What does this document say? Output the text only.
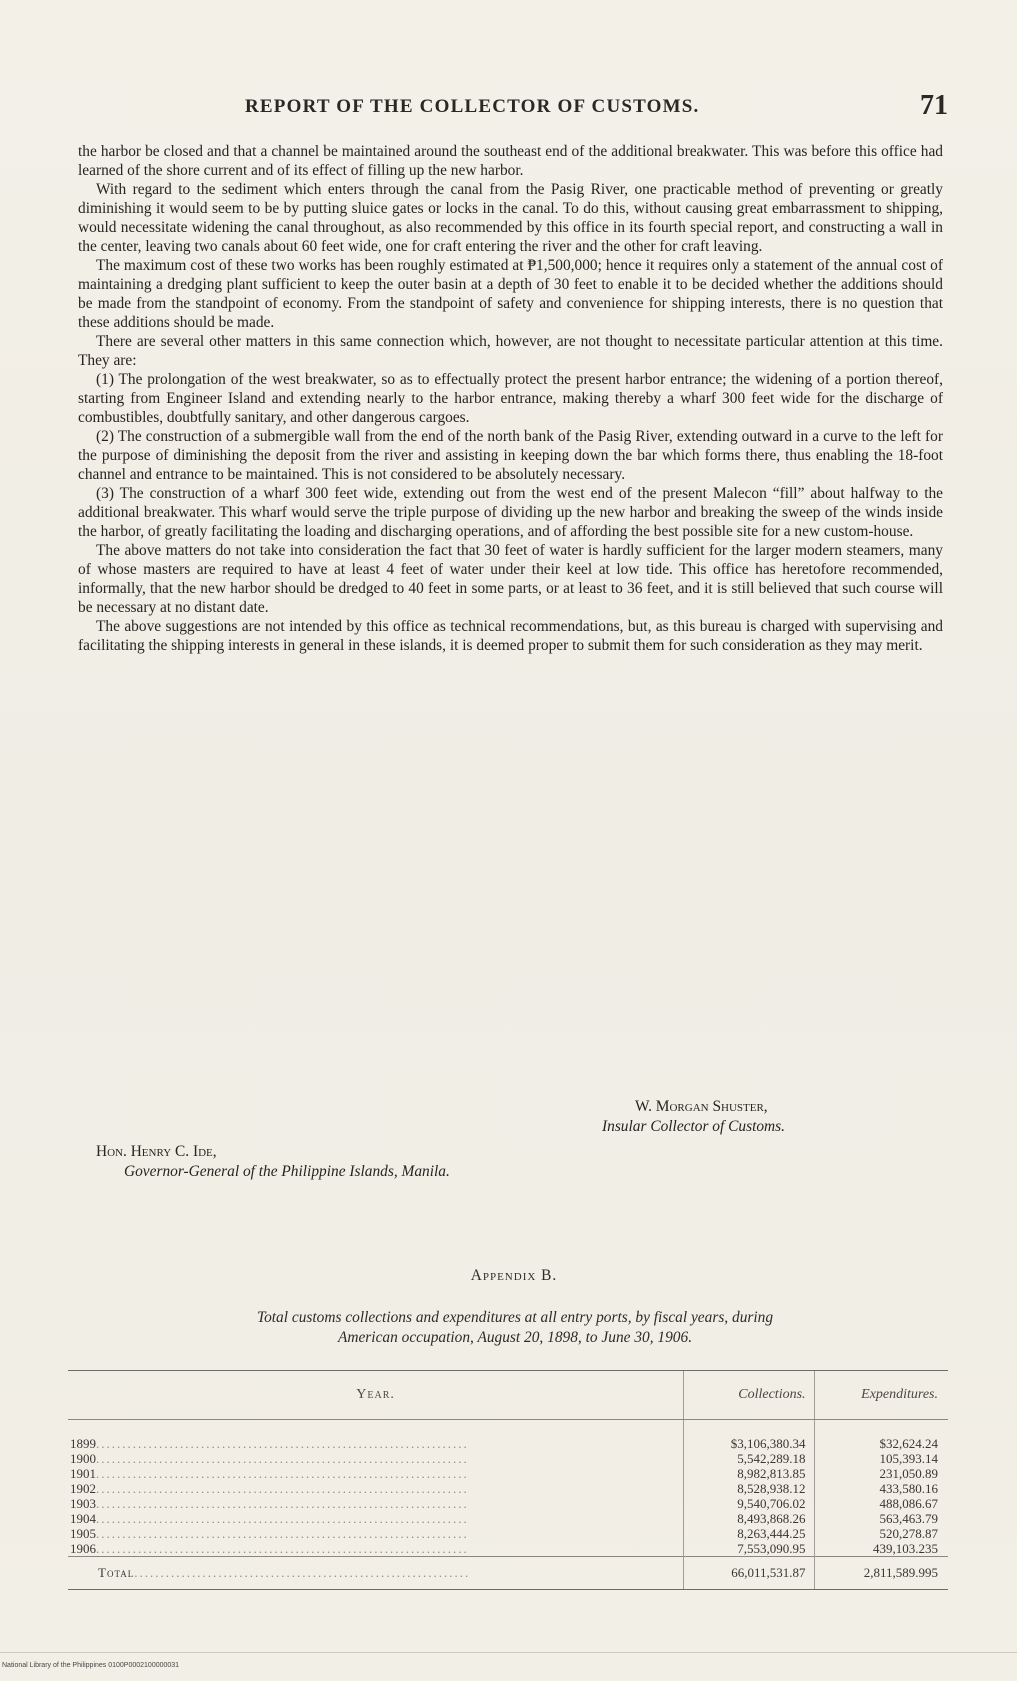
REPORT OF THE COLLECTOR OF CUSTOMS.	71

the harbor be closed and that a channel be maintained around the southeast end of the additional breakwater. This was before this office had learned of the shore current and of its effect of filling up the new harbor.

With regard to the sediment which enters through the canal from the Pasig River, one practicable method of preventing or greatly diminishing it would seem to be by putting sluice gates or locks in the canal. To do this, without causing great embarrassment to shipping, would necessitate widening the canal throughout, as also recommended by this office in its fourth special report, and constructing a wall in the center, leaving two canals about 60 feet wide, one for craft entering the river and the other for craft leaving.

The maximum cost of these two works has been roughly estimated at ₱1,500,000; hence it requires only a statement of the annual cost of maintaining a dredging plant sufficient to keep the outer basin at a depth of 30 feet to enable it to be decided whether the additions should be made from the standpoint of economy. From the standpoint of safety and convenience for shipping interests, there is no question that these additions should be made.

There are several other matters in this same connection which, however, are not thought to necessitate particular attention at this time. They are:

(1) The prolongation of the west breakwater, so as to effectually protect the present harbor entrance; the widening of a portion thereof, starting from Engineer Island and extending nearly to the harbor entrance, making thereby a wharf 300 feet wide for the discharge of combustibles, doubtfully sanitary, and other dangerous cargoes.

(2) The construction of a submergible wall from the end of the north bank of the Pasig River, extending outward in a curve to the left for the purpose of diminishing the deposit from the river and assisting in keeping down the bar which forms there, thus enabling the 18-foot channel and entrance to be maintained. This is not considered to be absolutely necessary.

(3) The construction of a wharf 300 feet wide, extending out from the west end of the present Malecon “fill” about halfway to the additional breakwater. This wharf would serve the triple purpose of dividing up the new harbor and breaking the sweep of the winds inside the harbor, of greatly facilitating the loading and discharging operations, and of affording the best possible site for a new custom-house.

The above matters do not take into consideration the fact that 30 feet of water is hardly sufficient for the larger modern steamers, many of whose masters are required to have at least 4 feet of water under their keel at low tide. This office has heretofore recommended, informally, that the new harbor should be dredged to 40 feet in some parts, or at least to 36 feet, and it is still believed that such course will be necessary at no distant date.

The above suggestions are not intended by this office as technical recommendations, but, as this bureau is charged with supervising and facilitating the shipping interests in general in these islands, it is deemed proper to submit them for such consideration as they may merit.

W. Morgan Shuster,
Insular Collector of Customs.
Hon. Henry C. Ide,
Governor-General of the Philippine Islands, Manila.
Appendix B.
Total customs collections and expenditures at all entry ports, by fiscal years, during
American occupation, August 20, 1898, to June 30, 1906.
Year.	Collections.	Expenditures.
1899.......................................................................	$3,106,380.34	$32,624.24
1900.......................................................................	5,542,289.18	105,393.14
1901.......................................................................	8,982,813.85	231,050.89
1902.......................................................................	8,528,938.12	433,580.16
1903.......................................................................	9,540,706.02	488,086.67
1904.......................................................................	8,493,868.26	563,463.79
1905.......................................................................	8,263,444.25	520,278.87
1906.......................................................................	7,553,090.95	439,103.235
Total................................................................	66,011,531.87	2,811,589.995
National Library of the Philippines 0100P0002100000031
